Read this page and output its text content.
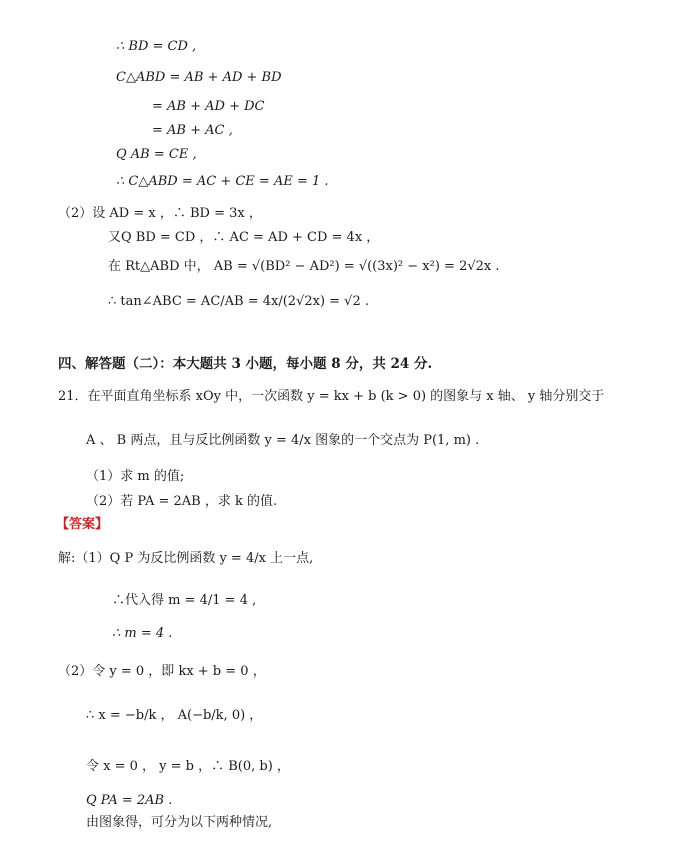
∴ BD = CD ,
C△ABD = AB + AD + BD
= AB + AD + DC
= AB + AC ,
Q AB = CE ,
∴ C△ABD = AC + CE = AE = 1 .
（2）设 AD = x ，∴ BD = 3x ，
又Q BD = CD ，∴ AC = AD + CD = 4x ，
在 Rt△ABD 中， AB = √(BD² − AD²) = √((3x)² − x²) = 2√2x .
∴ tan∠ABC = AC/AB = 4x/(2√2x) = √2 .
四、解答题（二）：本大题共 3 小题，每小题 8 分，共 24 分.
21．在平面直角坐标系 xOy 中，一次函数 y = kx + b (k > 0) 的图象与 x 轴、 y 轴分别交于
A 、 B 两点，且与反比例函数 y = 4/x 图象的一个交点为 P(1, m) .
（1）求 m 的值;
（2）若 PA = 2AB ，求 k 的值.
【答案】
解:（1）Q P 为反比例函数 y = 4/x 上一点,
∴代入得 m = 4/1 = 4 ,
∴ m = 4 .
（2）令 y = 0 ，即 kx + b = 0 ，
∴ x = −b/k ， A(−b/k, 0) ，
令 x = 0 ， y = b ，∴ B(0, b) ，
Q PA = 2AB .
由图象得，可分为以下两种情况,
